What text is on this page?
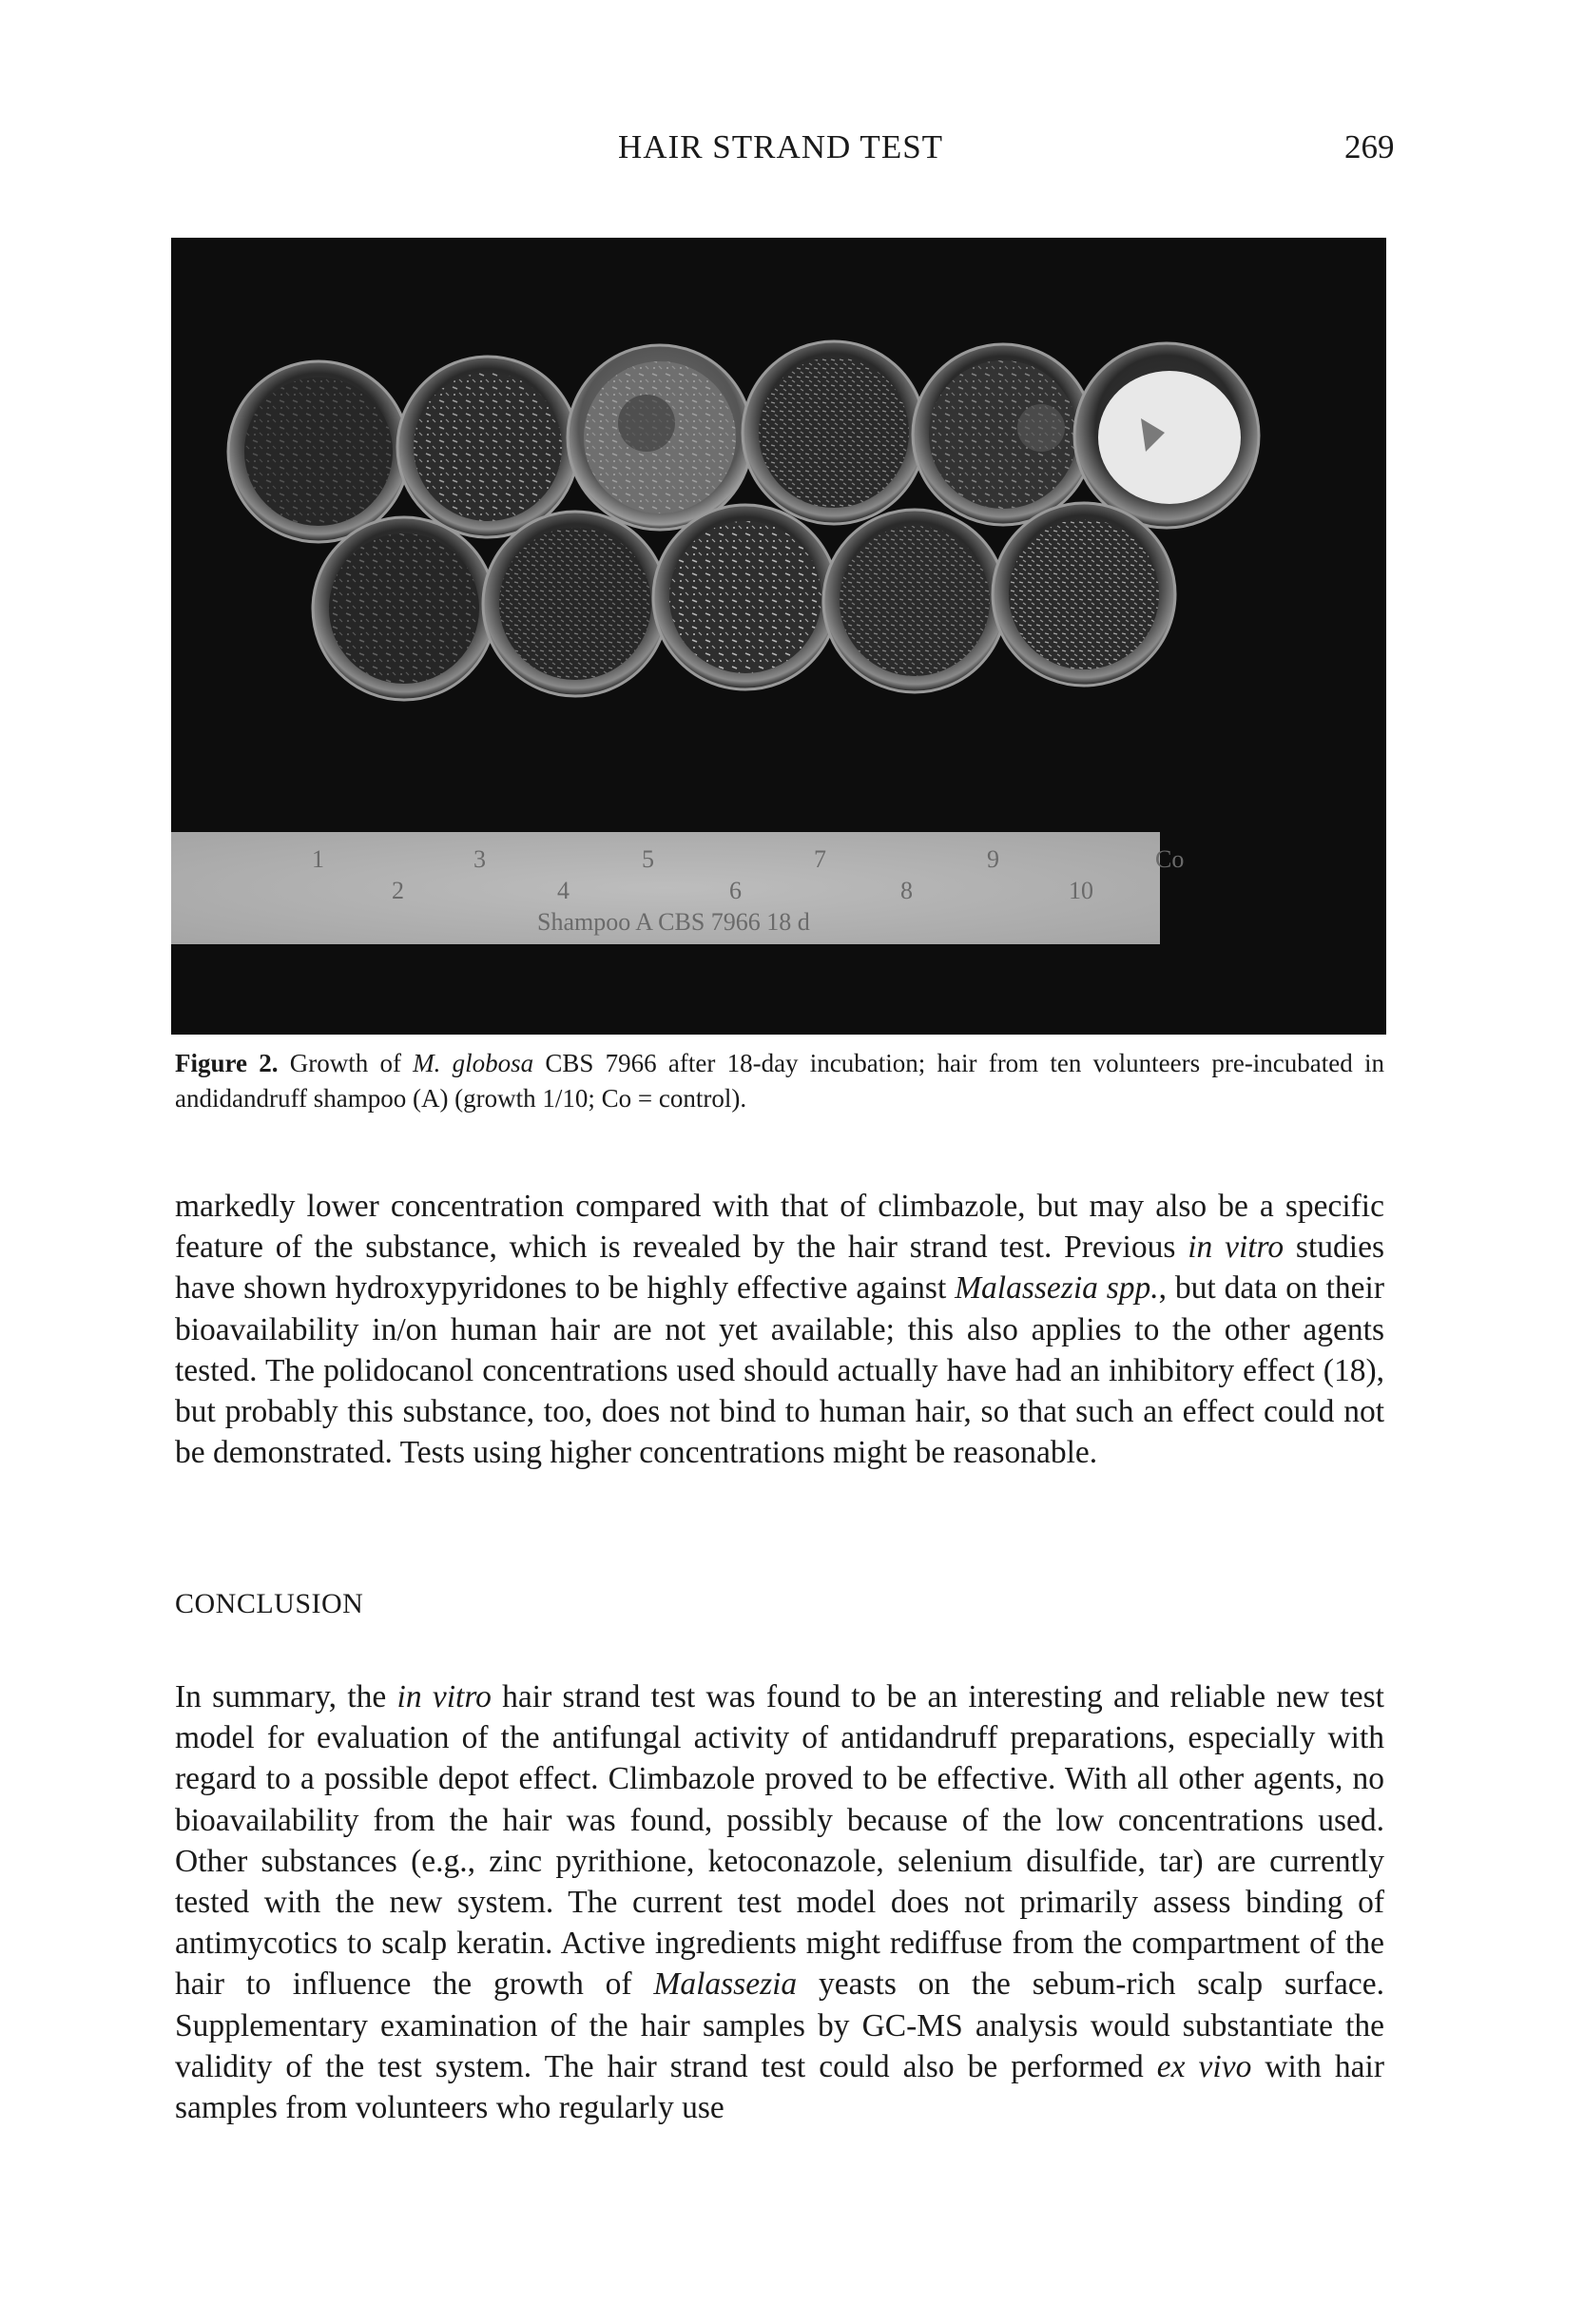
HAIR STRAND TEST	269
1
2
3
4
5
6
7
8
9
10
Co
Shampoo A CBS 7966 18 d
Figure 2. Growth of M. globosa CBS 7966 after 18-day incubation; hair from ten volunteers pre-incubated in andidandruff shampoo (A) (growth 1/10; Co = control).
markedly lower concentration compared with that of climbazole, but may also be a specific feature of the substance, which is revealed by the hair strand test. Previous in vitro studies have shown hydroxypyridones to be highly effective against Malassezia spp., but data on their bioavailability in/on human hair are not yet available; this also applies to the other agents tested. The polidocanol concentrations used should actually have had an inhibitory effect (18), but probably this substance, too, does not bind to human hair, so that such an effect could not be demonstrated. Tests using higher concentrations might be reasonable.
CONCLUSION
In summary, the in vitro hair strand test was found to be an interesting and reliable new test model for evaluation of the antifungal activity of antidandruff preparations, especially with regard to a possible depot effect. Climbazole proved to be effective. With all other agents, no bioavailability from the hair was found, possibly because of the low concentrations used. Other substances (e.g., zinc pyrithione, ketoconazole, selenium disulfide, tar) are currently tested with the new system. The current test model does not primarily assess binding of antimycotics to scalp keratin. Active ingredients might rediffuse from the compartment of the hair to influence the growth of Malassezia yeasts on the sebum-rich scalp surface. Supplementary examination of the hair samples by GC-MS analysis would substantiate the validity of the test system. The hair strand test could also be performed ex vivo with hair samples from volunteers who regularly use
